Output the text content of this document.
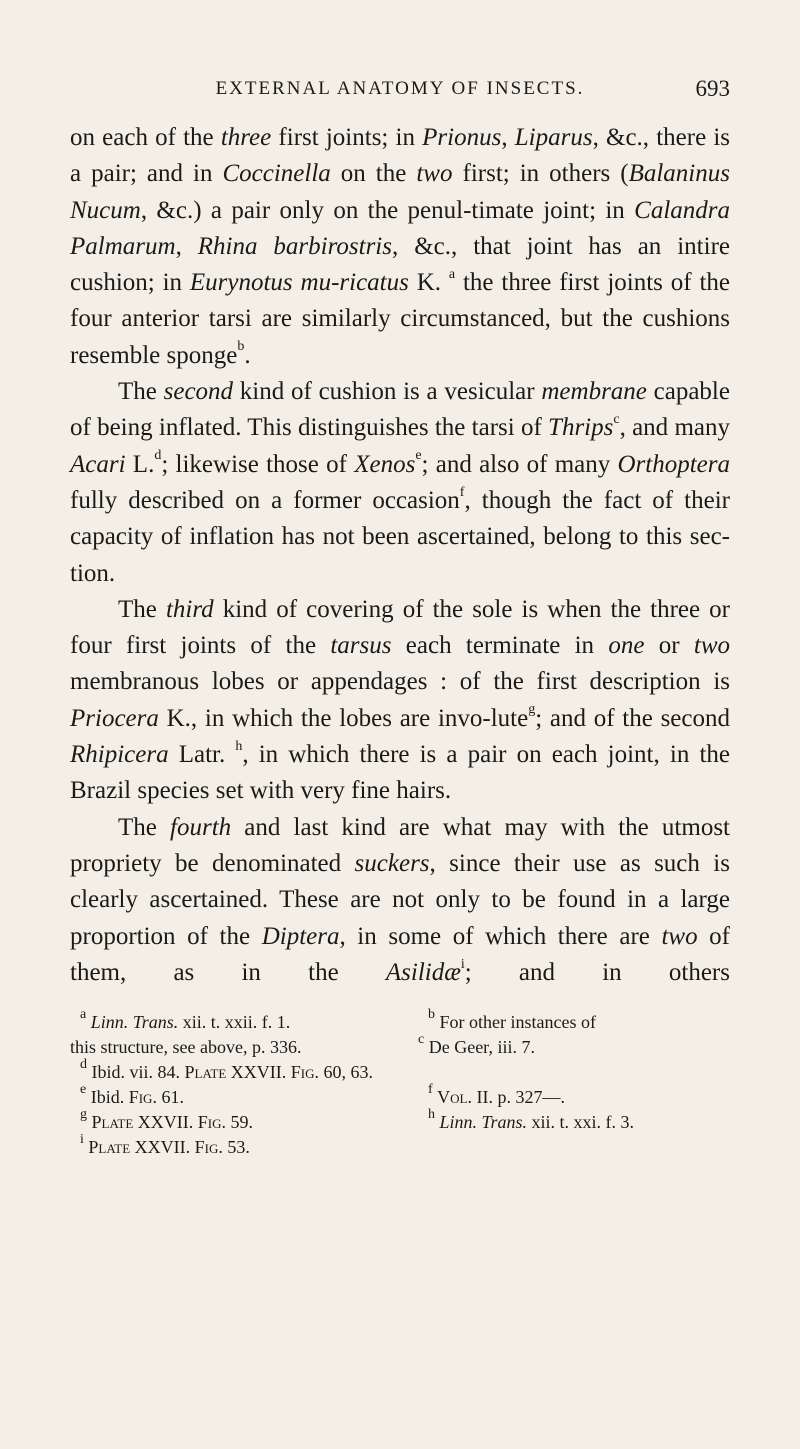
EXTERNAL ANATOMY OF INSECTS.	693

on each of the three first joints; in Prionus, Liparus, &c., there is a pair; and in Coccinella on the two first; in others (Balaninus Nucum, &c.) a pair only on the penul-timate joint; in Calandra Palmarum, Rhina barbirostris, &c., that joint has an intire cushion; in Eurynotus mu-ricatus K. $^a$ the three first joints of the four anterior tarsi are similarly circumstanced, but the cushions resemble sponge$^b$.

The second kind of cushion is a vesicular membrane capable of being inflated. This distinguishes the tarsi of Thrips$^c$, and many Acari L.$^d$; likewise those of Xenos$^e$; and also of many Orthoptera fully described on a former occasion$^f$, though the fact of their capacity of inflation has not been ascertained, belong to this sec-tion.

The third kind of covering of the sole is when the three or four first joints of the tarsus each terminate in one or two membranous lobes or appendages : of the first description is Priocera K., in which the lobes are invo-lute$^g$; and of the second Rhipicera Latr. $^h$, in which there is a pair on each joint, in the Brazil species set with very fine hairs.

The fourth and last kind are what may with the utmost propriety be denominated suckers, since their use as such is clearly ascertained. These are not only to be found in a large proportion of the Diptera, in some of which there are two of them, as in the Asilidæ$^i$; and in others

$^a$ Linn. Trans. xii. t. xxii. f. 1.	$^b$ For other instances of

this structure, see above, p. 336.	$^c$ De Geer, iii. 7.

$^d$ Ibid. vii. 84. Plate XXVII. Fig. 60, 63.

$^e$ Ibid. Fig. 61.	$^f$ Vol. II. p. 327—.

$^g$ Plate XXVII. Fig. 59.	$^h$ Linn. Trans. xii. t. xxi. f. 3.

$^i$ Plate XXVII. Fig. 53.
